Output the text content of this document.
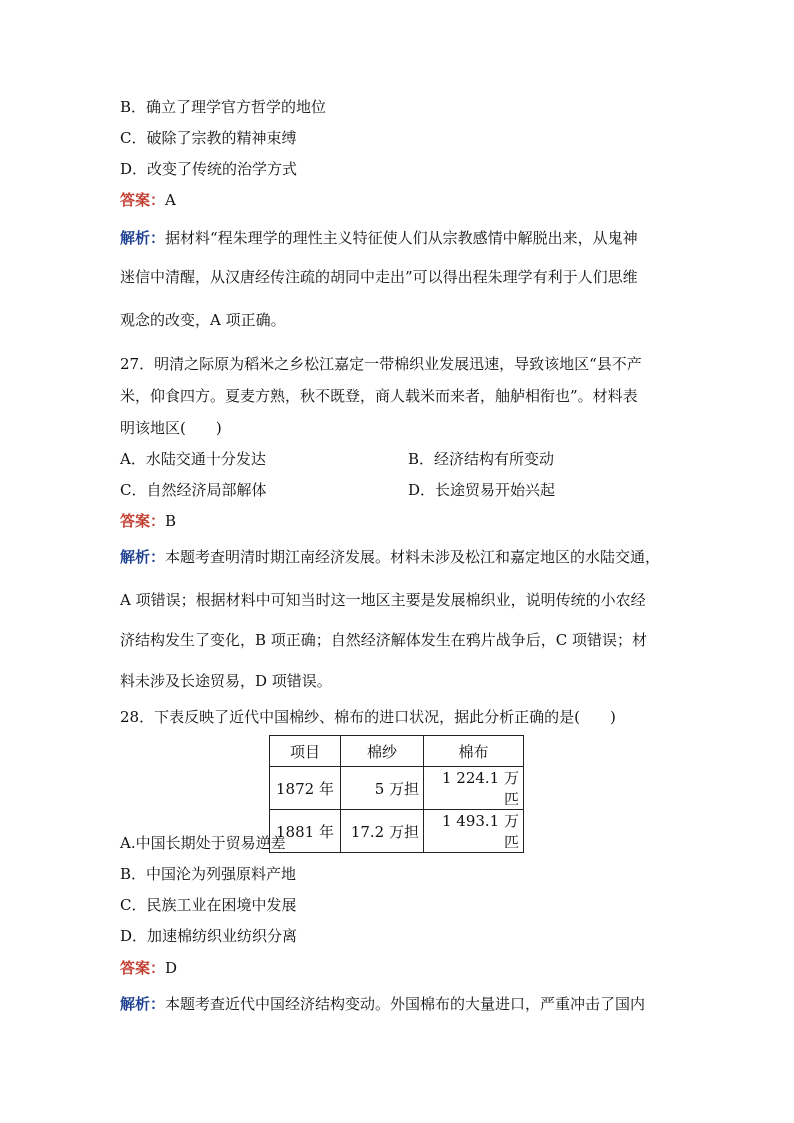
B．确立了理学官方哲学的地位
C．破除了宗教的精神束缚
D．改变了传统的治学方式
答案：A
解析：据材料“程朱理学的理性主义特征使人们从宗教感情中解脱出来，从鬼神
迷信中清醒，从汉唐经传注疏的胡同中走出”可以得出程朱理学有利于人们思维
观念的改变，A 项正确。
27．明清之际原为稻米之乡松江嘉定一带棉织业发展迅速，导致该地区“县不产
米，仰食四方。夏麦方熟，秋不既登，商人载米而来者，舳舻相衔也”。材料表
明该地区(　　)
A．水陆交通十分发达	B．经济结构有所变动
C．自然经济局部解体	D．长途贸易开始兴起
答案：B
解析：本题考查明清时期江南经济发展。材料未涉及松江和嘉定地区的水陆交通，
A 项错误；根据材料中可知当时这一地区主要是发展棉织业，说明传统的小农经
济结构发生了变化，B 项正确；自然经济解体发生在鸦片战争后，C 项错误；材
料未涉及长途贸易，D 项错误。
28．下表反映了近代中国棉纱、棉布的进口状况，据此分析正确的是(　　)
项目	棉纱	棉布
1872 年	5 万担	1 224.1 万匹
1881 年	17.2 万担	1 493.1 万匹
A.中国长期处于贸易逆差
B．中国沦为列强原料产地
C．民族工业在困境中发展
D．加速棉纺织业纺织分离
答案：D
解析：本题考查近代中国经济结构变动。外国棉布的大量进口，严重冲击了国内
